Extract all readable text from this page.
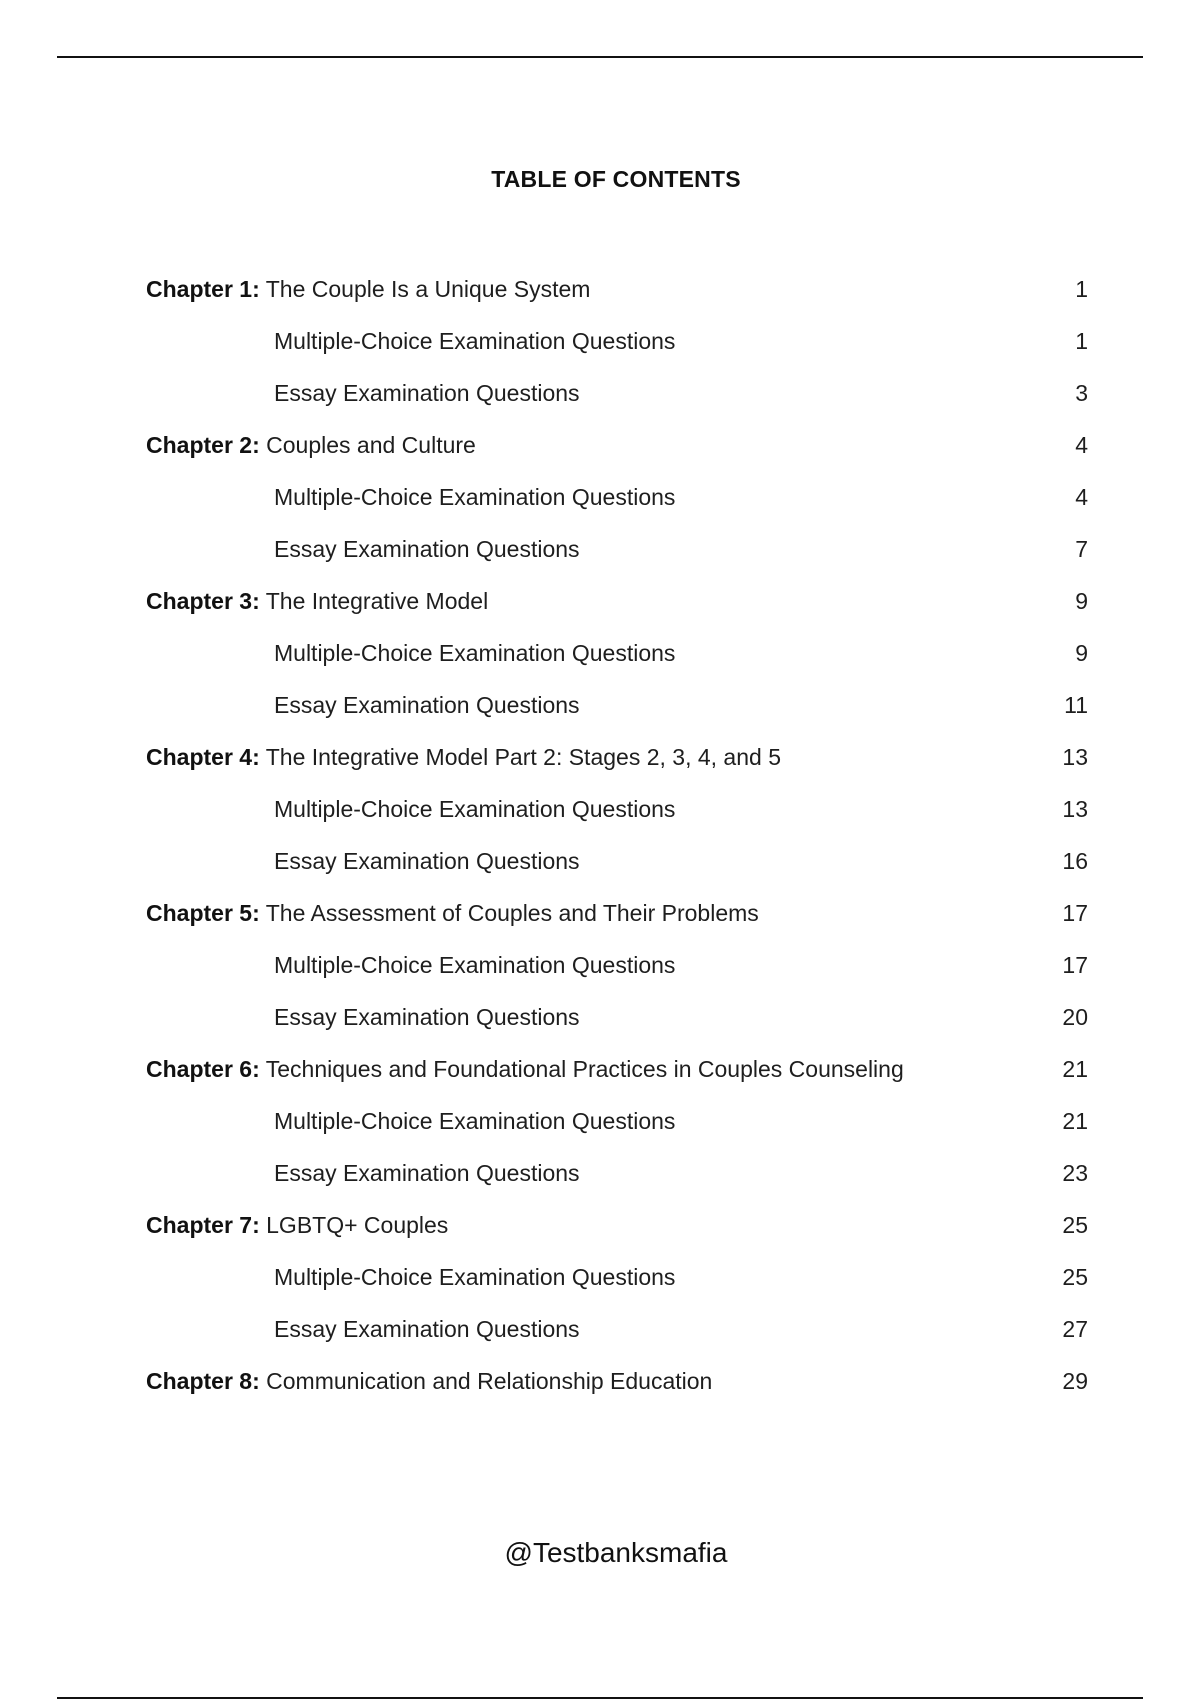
TABLE OF CONTENTS
Chapter 1: The Couple Is a Unique System	1
Multiple-Choice Examination Questions	1
Essay Examination Questions	3
Chapter 2: Couples and Culture	4
Multiple-Choice Examination Questions	4
Essay Examination Questions	7
Chapter 3: The Integrative Model	9
Multiple-Choice Examination Questions	9
Essay Examination Questions	11
Chapter 4: The Integrative Model Part 2: Stages 2, 3, 4, and 5	13
Multiple-Choice Examination Questions	13
Essay Examination Questions	16
Chapter 5: The Assessment of Couples and Their Problems	17
Multiple-Choice Examination Questions	17
Essay Examination Questions	20
Chapter 6: Techniques and Foundational Practices in Couples Counseling	21
Multiple-Choice Examination Questions	21
Essay Examination Questions	23
Chapter 7: LGBTQ+ Couples	25
Multiple-Choice Examination Questions	25
Essay Examination Questions	27
Chapter 8: Communication and Relationship Education	29
@Testbanksmafia
